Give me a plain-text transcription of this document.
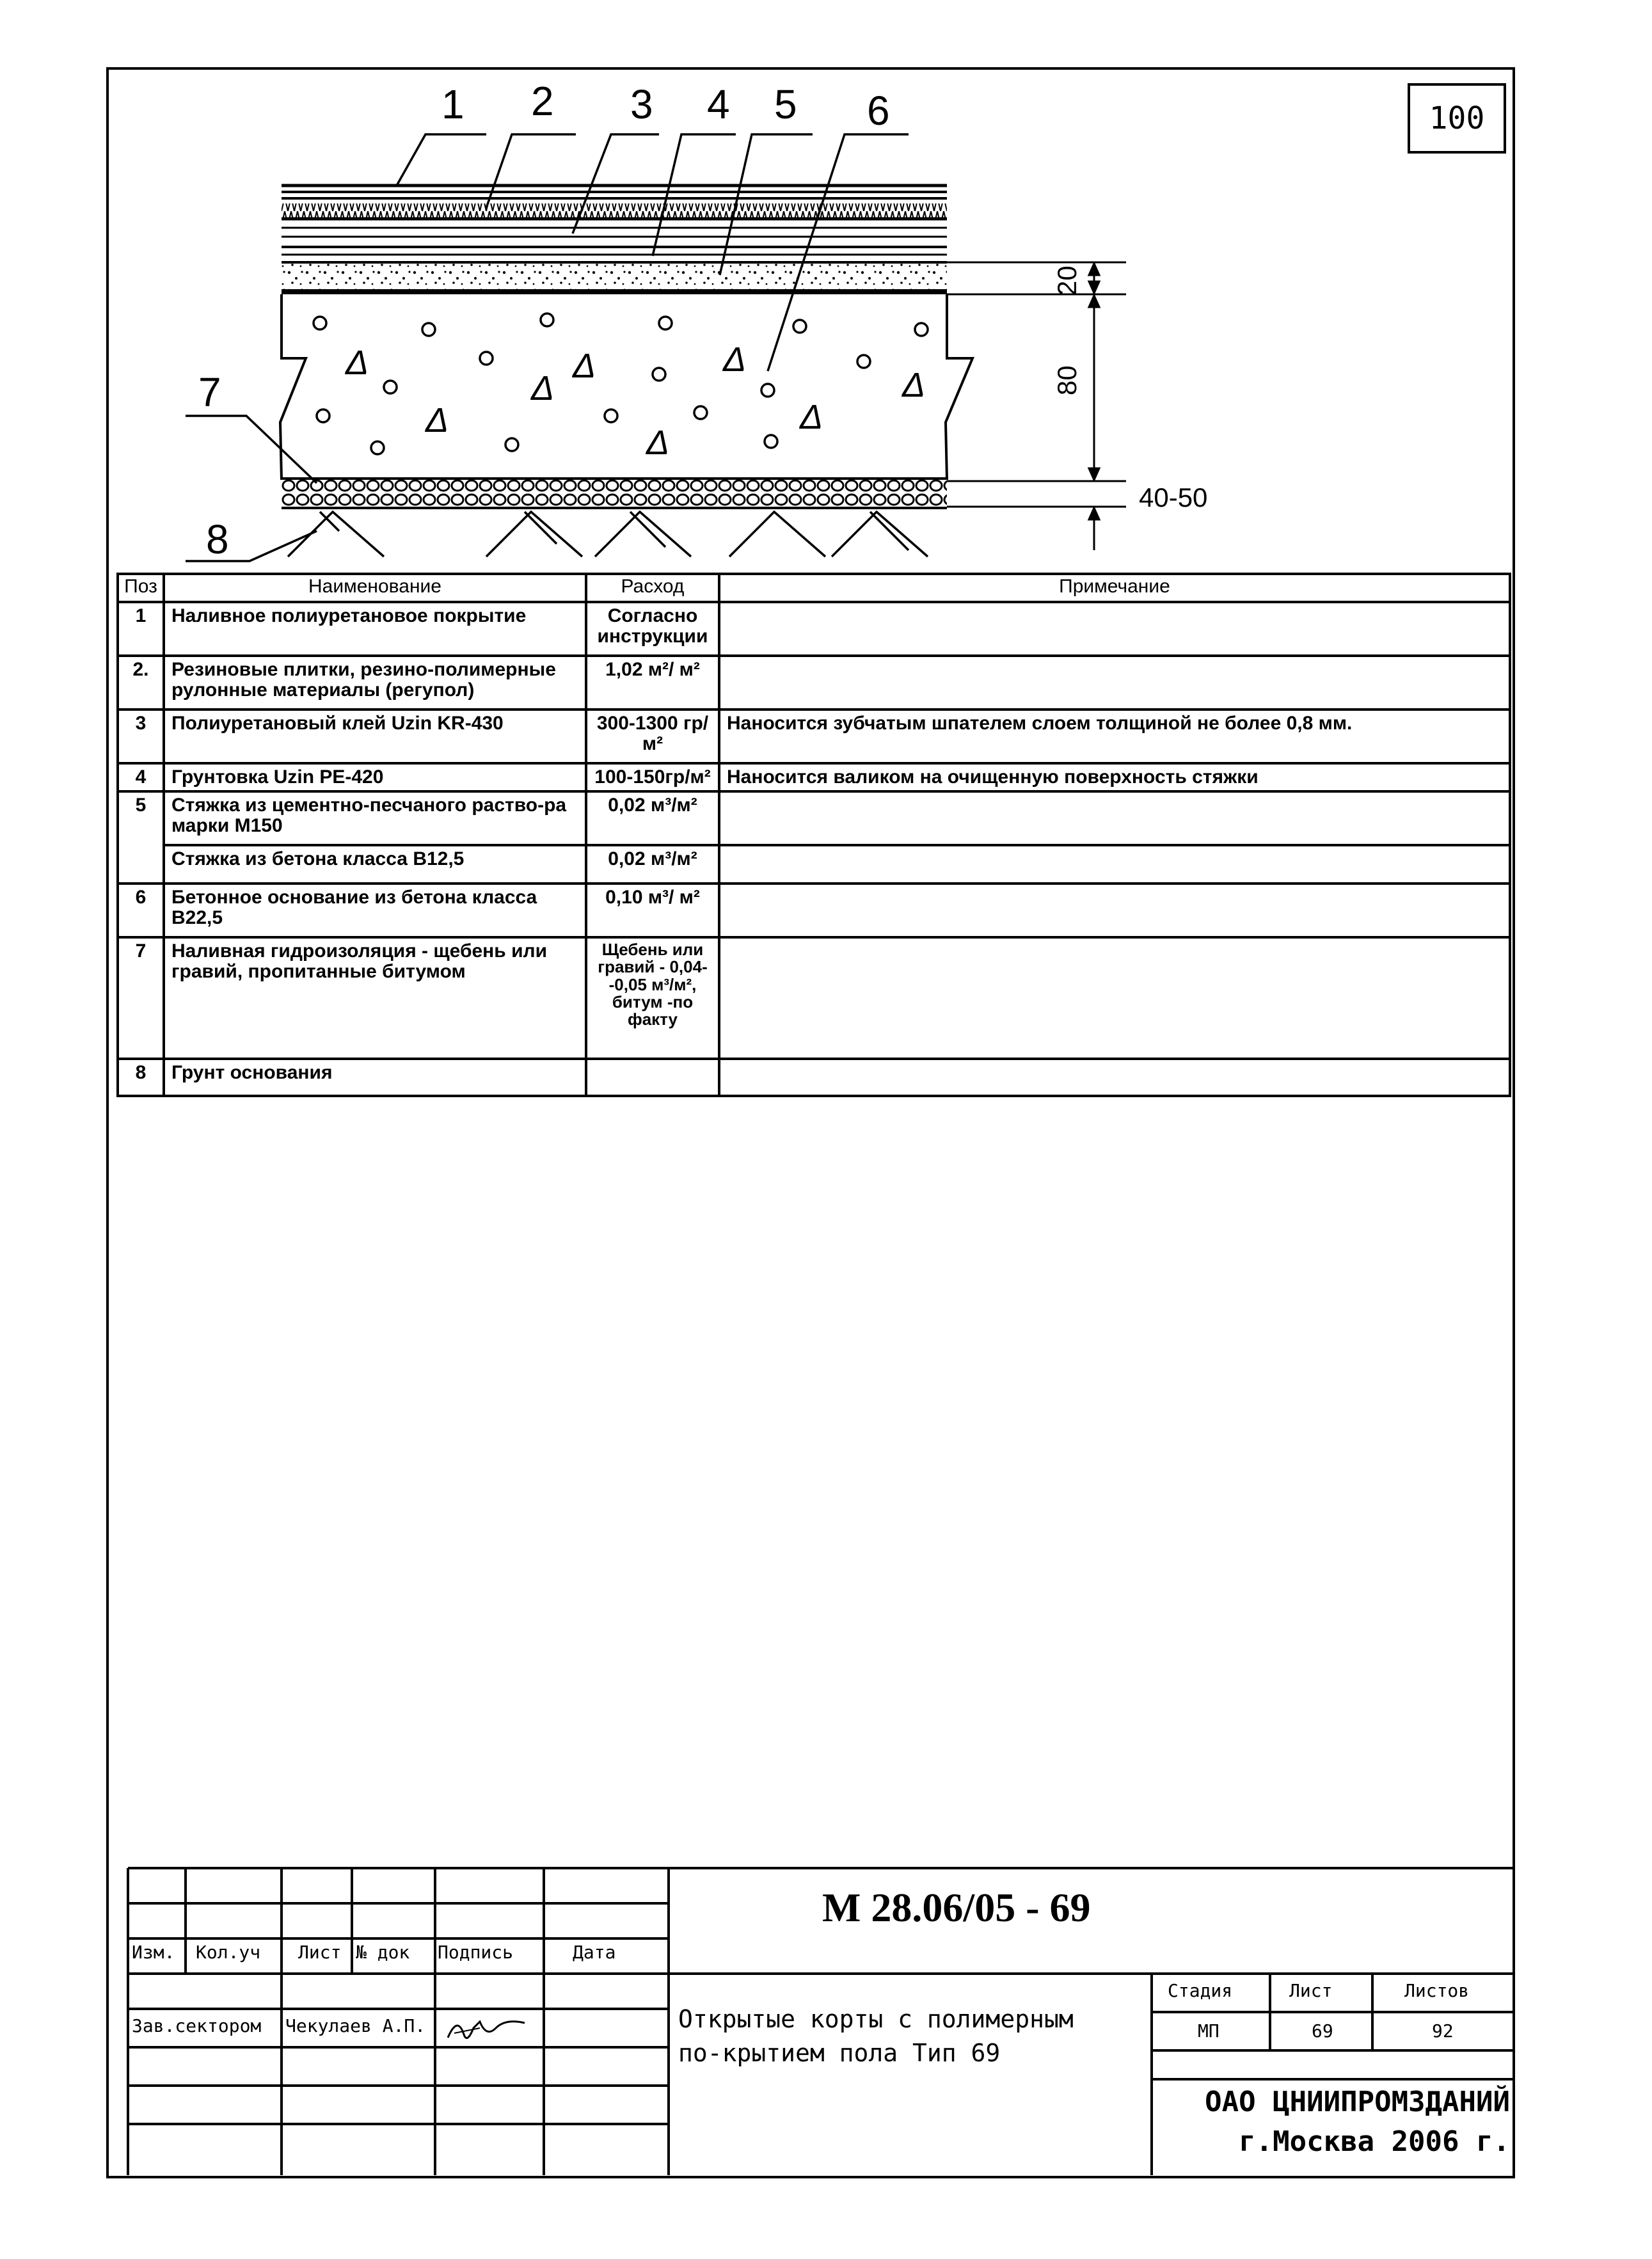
100
Δ
Δ
Δ	Δ
Δ
Δ
Δ
Δ
1 2 3 4 5 6
7
8
20
80
40-50
Поз	Наименование	Расход	Примечание
1	Наливное полиуретановое покрытие	Согласно инструкции	
2.	Резиновые плитки, резино-полимерные рулонные материалы (регупол)	1,02 м²/ м²	
3	Полиуретановый клей Uzin KR-430	300-1300 гр/м²	Наносится зубчатым шпателем слоем толщиной не более 0,8 мм.
4	Грунтовка Uzin PE-420	100-150гр/м²	Наносится валиком на очищенную поверхность стяжки
5	Стяжка из цементно-песчаного раство-ра марки М150	0,02 м³/м²	
	Стяжка из бетона класса В12,5	0,02 м³/м²	
6	Бетонное основание из бетона класса В22,5	0,10 м³/ м²	
7	Наливная гидроизоляция - щебень или гравий, пропитанные битумом	Щебень или гравий - 0,04--0,05 м³/м², битум -по факту	
8	Грунт основания		
Изм. Кол.уч Лист № док Подпись	Дата
Зав.сектором Чекулаев А.П.
М 28.06/05 - 69
Открытые корты с полимерным по-крытием пола Тип 69
Стадия	Лист	Листов
МП	69	92
ОАО ЦНИИПРОМЗДАНИЙ
г.Москва 2006 г.
